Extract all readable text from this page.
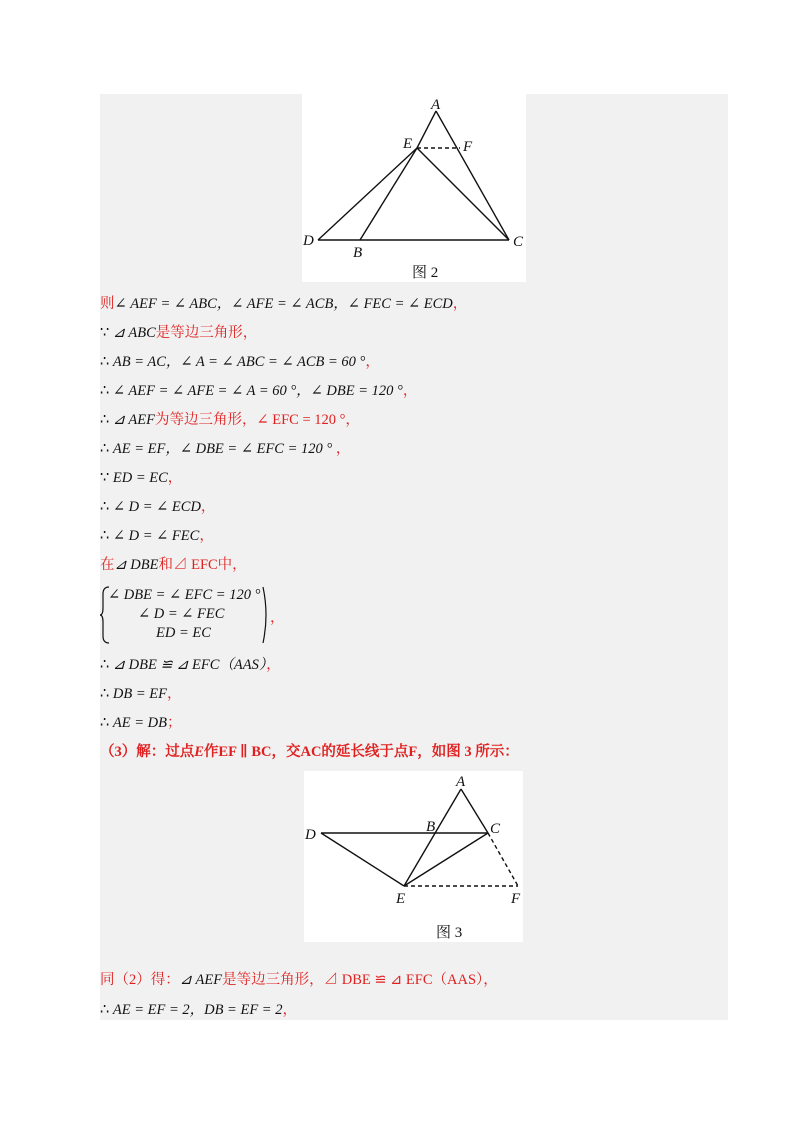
A
E	F
D
B
C
图 2
则∠ AEF = ∠ ABC，∠ AFE = ∠ ACB，∠ FEC = ∠ ECD，
∵ ⊿ ABC是等边三角形，
∴ AB = AC，∠ A = ∠ ABC = ∠ ACB = 60 °，
∴ ∠ AEF = ∠ AFE = ∠ A = 60 °，∠ DBE = 120 °，
∴ ⊿ AEF为等边三角形，∠ EFC = 120 °，
∴ AE = EF，∠ DBE = ∠ EFC = 120 ° ，
∵ ED = EC，
∴ ∠ D = ∠ ECD，
∴ ∠ D = ∠ FEC，
在⊿ DBE和⊿ EFC中，
∠ DBE = ∠ EFC = 120 °
∠ D = ∠ FEC
ED = EC
，
∴ ⊿ DBE ≌ ⊿ EFC（AAS），
∴ DB = EF，
∴ AE = DB；
（3）解：过点E作EF ∥ BC，交AC的延长线于点F，如图 3 所示：
A
B	C
D
E	F
图 3
同（2）得：⊿ AEF是等边三角形，⊿ DBE ≌ ⊿ EFC（AAS），
∴ AE = EF = 2，DB = EF = 2，
